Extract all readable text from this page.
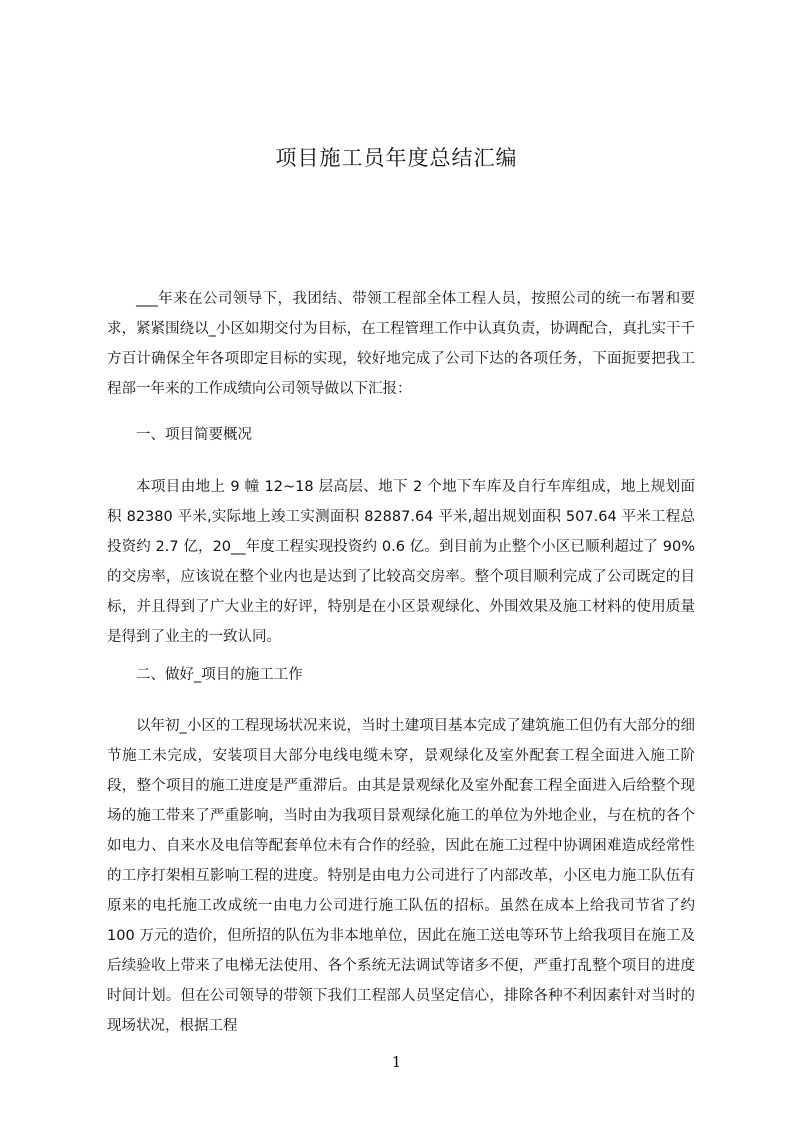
项目施工员年度总结汇编

___年来在公司领导下，我团结、带领工程部全体工程人员，按照公司的统一布署和要求，紧紧围绕以_小区如期交付为目标，在工程管理工作中认真负责，协调配合，真扎实干千方百计确保全年各项即定目标的实现，较好地完成了公司下达的各项任务，下面扼要把我工程部一年来的工作成绩向公司领导做以下汇报：

一、项目简要概况

本项目由地上 9 幢 12~18 层高层、地下 2 个地下车库及自行车库组成，地上规划面积 82380 平米,实际地上竣工实测面积 82887.64 平米,超出规划面积 507.64 平米工程总投资约 2.7 亿，20__年度工程实现投资约 0.6 亿。到目前为止整个小区已顺利超过了 90%的交房率，应该说在整个业内也是达到了比较高交房率。整个项目顺利完成了公司既定的目标，并且得到了广大业主的好评，特别是在小区景观绿化、外围效果及施工材料的使用质量是得到了业主的一致认同。

二、做好_项目的施工工作

以年初_小区的工程现场状况来说，当时土建项目基本完成了建筑施工但仍有大部分的细节施工未完成，安装项目大部分电线电缆未穿，景观绿化及室外配套工程全面进入施工阶段，整个项目的施工进度是严重滞后。由其是景观绿化及室外配套工程全面进入后给整个现场的施工带来了严重影响，当时由为我项目景观绿化施工的单位为外地企业，与在杭的各个如电力、自来水及电信等配套单位未有合作的经验，因此在施工过程中协调困难造成经常性的工序打架相互影响工程的进度。特别是由电力公司进行了内部改革，小区电力施工队伍有原来的电托施工改成统一由电力公司进行施工队伍的招标。虽然在成本上给我司节省了约 100 万元的造价，但所招的队伍为非本地单位，因此在施工送电等环节上给我项目在施工及后续验收上带来了电梯无法使用、各个系统无法调试等诸多不便，严重打乱整个项目的进度时间计划。但在公司领导的带领下我们工程部人员坚定信心，排除各种不利因素针对当时的现场状况，根据工程

1
